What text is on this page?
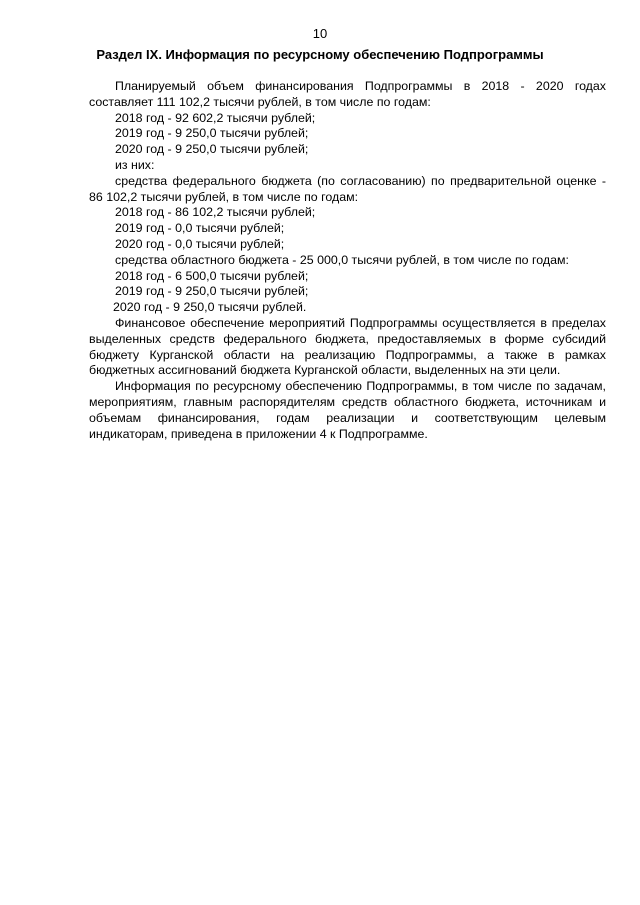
10
Раздел IX. Информация по ресурсному обеспечению Подпрограммы

Планируемый объем финансирования Подпрограммы в 2018 - 2020 годах составляет 111 102,2 тысячи рублей, в том числе по годам:

2018 год - 92 602,2 тысячи рублей;

2019 год - 9 250,0 тысячи рублей;

2020 год - 9 250,0 тысячи рублей;

из них:

средства федерального бюджета (по согласованию) по предварительной оценке - 86 102,2 тысячи рублей, в том числе по годам:

2018 год - 86 102,2 тысячи рублей;

2019 год - 0,0 тысячи рублей;

2020 год - 0,0 тысячи рублей;

средства областного бюджета - 25 000,0 тысячи рублей, в том числе по годам:

2018 год - 6 500,0 тысячи рублей;

2019 год - 9 250,0 тысячи рублей;

2020 год - 9 250,0 тысячи рублей.

Финансовое обеспечение мероприятий Подпрограммы осуществляется в пределах выделенных средств федерального бюджета, предоставляемых в форме субсидий бюджету Курганской области на реализацию Подпрограммы, а также в рамках бюджетных ассигнований бюджета Курганской области, выделенных на эти цели.

Информация по ресурсному обеспечению Подпрограммы, в том числе по задачам, мероприятиям, главным распорядителям средств областного бюджета, источникам и объемам финансирования, годам реализации и соответствующим целевым индикаторам, приведена в приложении 4 к Подпрограмме.
